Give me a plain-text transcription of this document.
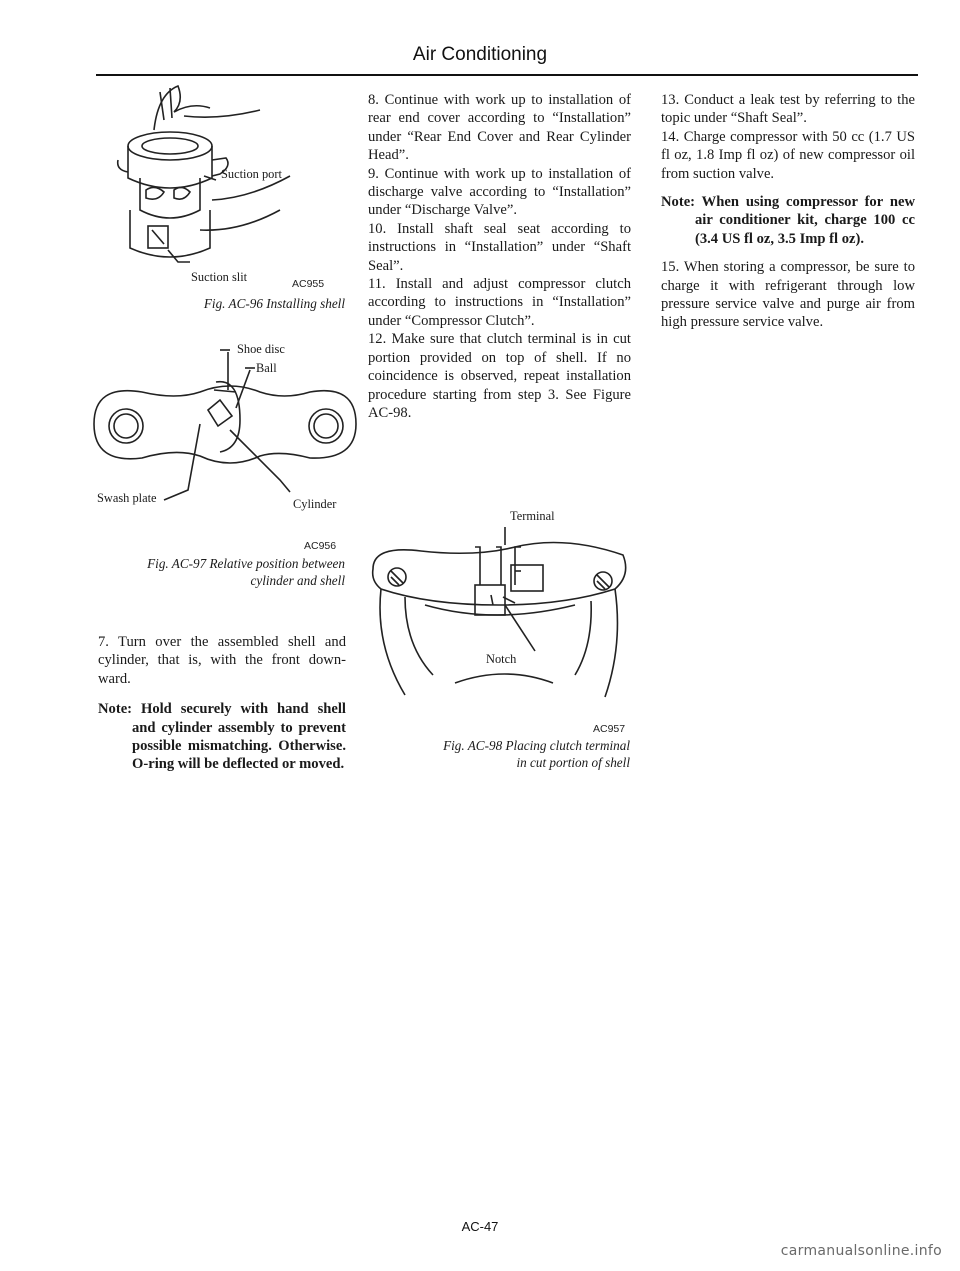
Air Conditioning
Suction port
Suction slit	AC955
Fig. AC-96 Installing shell
Shoe disc
Ball
Swash plate	Cylinder
AC956
Fig. AC-97 Relative position between
cylinder and shell

7. Turn over the assembled shell and cylinder, that is, with the front down-ward.

Note: Hold securely with hand shell and cylinder assembly to prevent possible mismatching. Otherwise. O-ring will be deflected or moved.

8. Continue with work up to installation of rear end cover according to “Installation” under “Rear End Cover and Rear Cylinder Head”.

9. Continue with work up to installation of discharge valve according to “Installation” under “Discharge Valve”.

10. Install shaft seal seat according to instructions in “Installation” under “Shaft Seal”.

11. Install and adjust compressor clutch according to instructions in “Installation” under “Compressor Clutch”.

12. Make sure that clutch terminal is in cut portion provided on top of shell. If no coincidence is observed, repeat installation procedure starting from step 3. See Figure AC-98.

Terminal
Notch
AC957
Fig. AC-98 Placing clutch terminal
in cut portion of shell

13. Conduct a leak test by referring to the topic under “Shaft Seal”.

14. Charge compressor with 50 cc (1.7 US fl oz, 1.8 Imp fl oz) of new compressor oil from suction valve.

Note: When using compressor for new air conditioner kit, charge 100 cc (3.4 US fl oz, 3.5 Imp fl oz).

15. When storing a compressor, be sure to charge it with refrigerant through low pressure service valve and purge air from high pressure service valve.

AC-47
carmanualsonline.info
